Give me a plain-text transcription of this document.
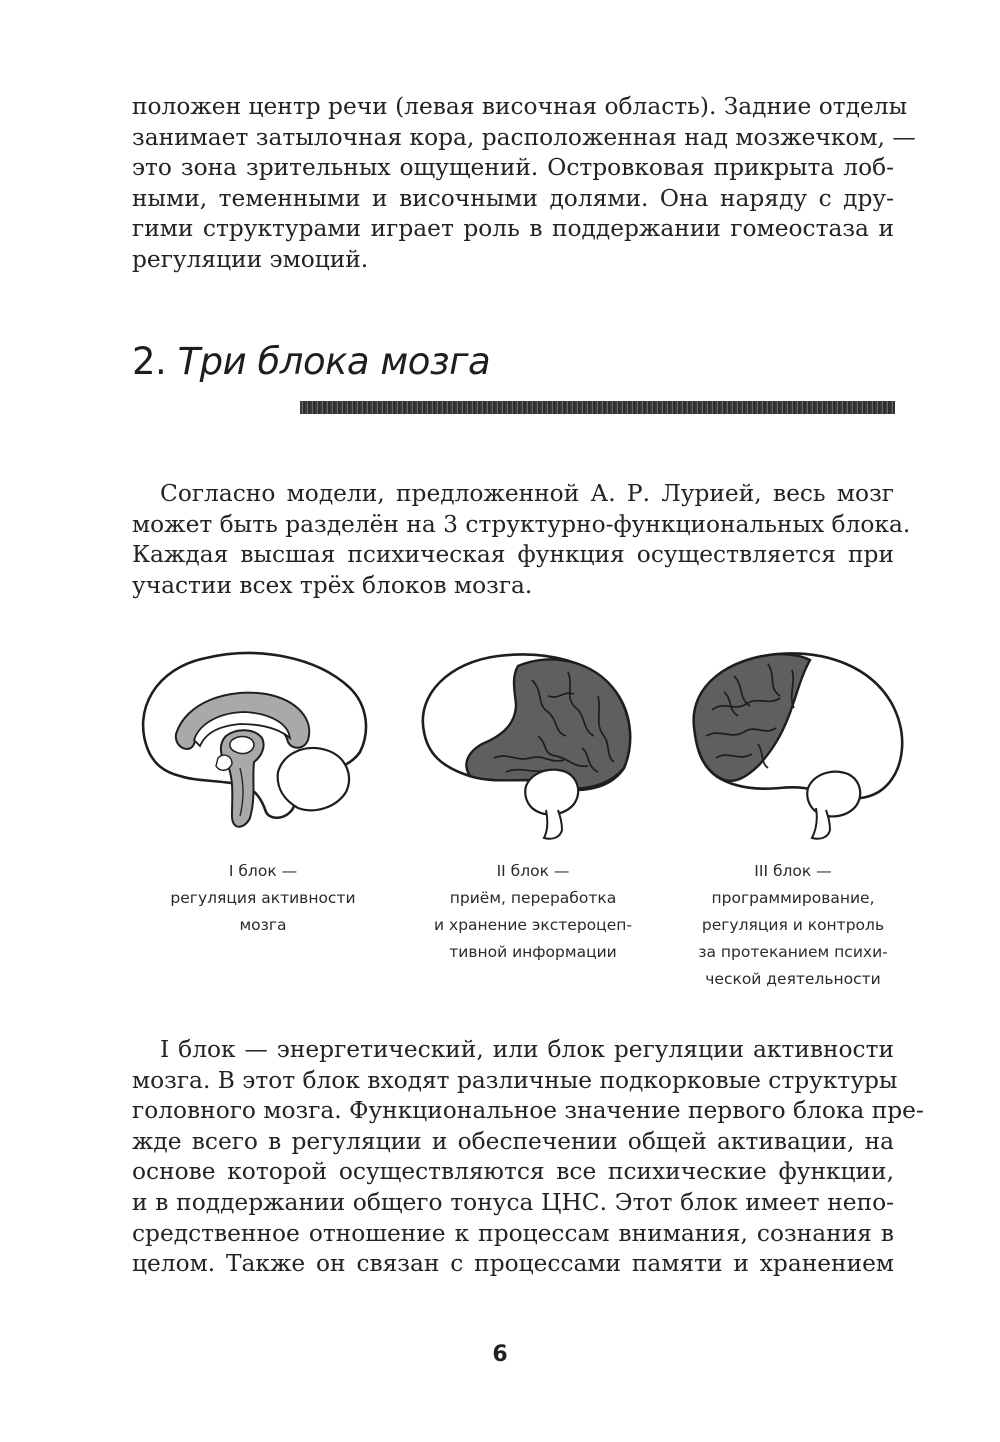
положен центр речи (левая височная область). Задние отделы
занимает затылочная кора, расположенная над мозжечком, —
это зона зрительных ощущений. Островковая прикрыта лоб-
ными, теменными и височными долями. Она наряду с дру-
гими структурами играет роль в поддержании гомеостаза и
регуляции эмоций.

2. Три блока мозга

Согласно модели, предложенной А. Р. Лурией, весь мозг
может быть разделён на 3 структурно-функциональных блока.
Каждая высшая психическая функция осуществляется при
участии всех трёх блоков мозга.

I блок —
регуляция активности
мозга
II блок —
приём, переработка
и хранение экстероцеп-
тивной информации
III блок —
программирование,
регуляция и контроль
за протеканием психи-
ческой деятельности

I блок — энергетический, или блок регуляции активности
мозга. В этот блок входят различные подкорковые структуры
головного мозга. Функциональное значение первого блока пре-
жде всего в регуляции и обеспечении общей активации, на
основе которой осуществляются все психические функции,
и в поддержании общего тонуса ЦНС. Этот блок имеет непо-
средственное отношение к процессам внимания, сознания в
целом. Также он связан с процессами памяти и хранением

6
